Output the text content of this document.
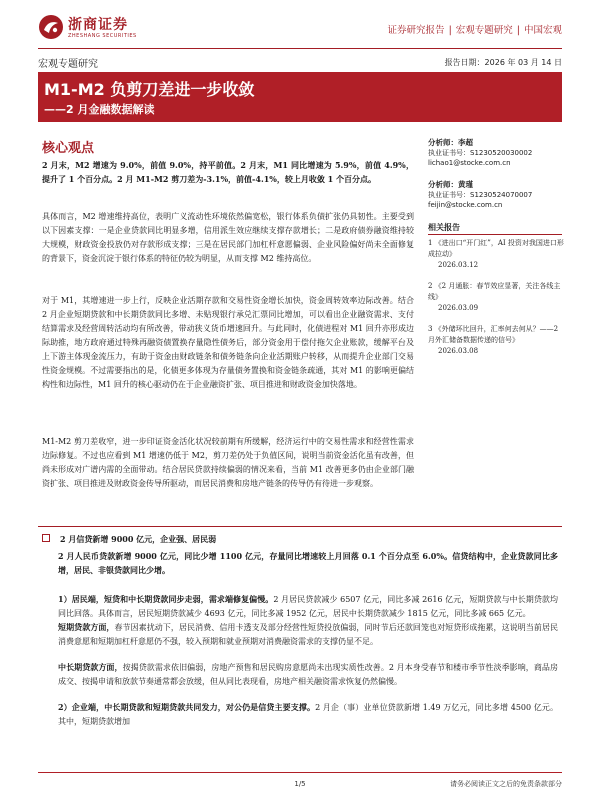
浙商证券
ZHESHANG SECURITIES	证券研究报告 | 宏观专题研究 | 中国宏观
宏观专题研究	报告日期：2026 年 03 月 14 日
M1-M2 负剪刀差进一步收敛
——2 月金融数据解读
核心观点
2 月末，M2 增速为 9.0%，前值 9.0%，持平前值。2 月末，M1 同比增速为 5.9%，前值 4.9%，提升了 1 个百分点。2 月 M1-M2 剪刀差为-3.1%，前值-4.1%，较上月收敛 1 个百分点。
具体而言，M2 增速维持高位，表明广义流动性环境依然偏宽松，银行体系负债扩张仍具韧性。主要受到以下因素支撑：一是企业贷款同比明显多增，信用派生效应继续支撑存款增长；二是政府债券融资维持较大规模，财政资金投放仍对存款形成支撑；三是在居民部门加杠杆意愿偏弱、企业风险偏好尚未全面修复的背景下，资金沉淀于银行体系的特征仍较为明显，从而支撑 M2 维持高位。
对于 M1，其增速进一步上行，反映企业活期存款和交易性资金增长加快，资金周转效率边际改善。结合 2 月企业短期贷款和中长期贷款同比多增、未贴现银行承兑汇票同比增加，可以看出企业融资需求、支付结算需求及经营周转活动均有所改善，带动狭义货币增速回升。与此同时，化债进程对 M1 回升亦形成边际助推，地方政府通过特殊再融资债置换存量隐性债务后，部分资金用于偿付拖欠企业账款，缓解平台及上下游主体现金流压力，有助于资金由财政链条和债务链条向企业活期账户转移，从而提升企业部门交易性资金规模。不过需要指出的是，化债更多体现为存量债务置换和资金链条疏通，其对 M1 的影响更偏结构性和边际性，M1 回升的核心驱动仍在于企业融资扩张、项目推进和财政资金加快落地。
M1-M2 剪刀差收窄，进一步印证资金活化状况较前期有所缓解，经济运行中的交易性需求和经营性需求边际修复。不过也应看到 M1 增速仍低于 M2，剪刀差仍处于负值区间，说明当前资金活化虽有改善，但尚未形成对广谱内需的全面带动。结合居民贷款持续偏弱的情况来看，当前 M1 改善更多仍由企业部门融资扩张、项目推进及财政资金传导所驱动，而居民消费和房地产链条的传导仍有待进一步观察。
分析师：李超
执业证书号：S1230520030002
lichao1@stocke.com.cn
分析师：黄瑾
执业证书号：S1230524070007
feijin@stocke.com.cn
相关报告
1 《进出口“开门红”，AI 投资对我国进口形成拉动》
2026.03.12
2 《2 月通胀：春节效应显著，关注各线主线》
2026.03.09
3 《外储环比回升，汇率何去何从？——2 月外汇储备数据传递的信号》
2026.03.08
2 月信贷新增 9000 亿元，企业强、居民弱
2 月人民币贷款新增 9000 亿元，同比少增 1100 亿元，存量同比增速较上月回落 0.1 个百分点至 6.0%。信贷结构中，企业贷款同比多增，居民、非银贷款同比少增。
1）居民端，短贷和中长期贷款同步走弱，需求端修复偏慢。2 月居民贷款减少 6507 亿元，同比多减 2616 亿元，短期贷款与中长期贷款均同比回落。具体而言，居民短期贷款减少 4693 亿元，同比多减 1952 亿元，居民中长期贷款减少 1815 亿元，同比多减 665 亿元。
短期贷款方面，春节因素扰动下，居民消费、信用卡透支及部分经营性短贷投放偏弱，同时节后还款回笼也对短贷形成拖累，这说明当前居民消费意愿和短期加杠杆意愿仍不强，较入预期和就业预期对消费融资需求的支撑仍显不足。
中长期贷款方面，按揭贷款需求依旧偏弱，房地产预售和居民购房意愿尚未出现实质性改善。2 月本身受春节和楼市季节性淡季影响，商品房成交、按揭申请和放款节奏通常都会放缓，但从同比表现看，房地产相关融资需求恢复仍然偏慢。
2）企业端，中长期贷款和短期贷款共同发力，对公仍是信贷主要支撑。2 月企（事）业单位贷款新增 1.49 万亿元，同比多增 4500 亿元。其中，短期贷款增加
1/5	请务必阅读正文之后的免责条款部分
